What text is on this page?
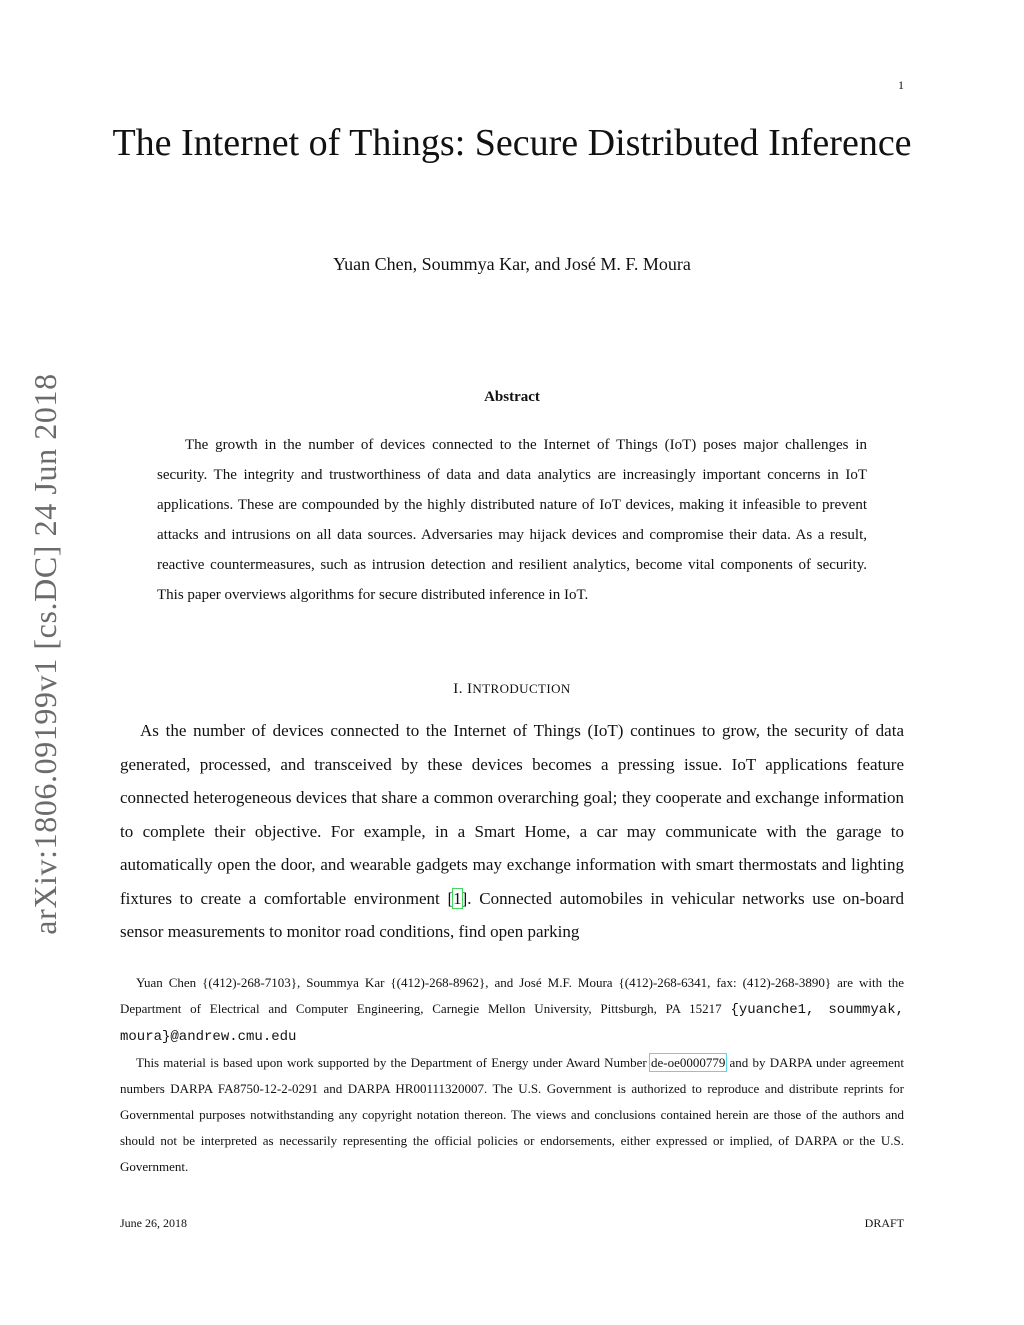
1
The Internet of Things: Secure Distributed Inference
Yuan Chen, Soummya Kar, and José M. F. Moura
arXiv:1806.09199v1 [cs.DC] 24 Jun 2018	Abstract

The growth in the number of devices connected to the Internet of Things (IoT) poses major challenges in security. The integrity and trustworthiness of data and data analytics are increasingly important concerns in IoT applications. These are compounded by the highly distributed nature of IoT devices, making it infeasible to prevent attacks and intrusions on all data sources. Adversaries may hijack devices and compromise their data. As a result, reactive countermeasures, such as intrusion detection and resilient analytics, become vital components of security. This paper overviews algorithms for secure distributed inference in IoT.

I. INTRODUCTION

As the number of devices connected to the Internet of Things (IoT) continues to grow, the security of data generated, processed, and transceived by these devices becomes a pressing issue. IoT applications feature connected heterogeneous devices that share a common overarching goal; they cooperate and exchange information to complete their objective. For example, in a Smart Home, a car may communicate with the garage to automatically open the door, and wearable gadgets may exchange information with smart thermostats and lighting fixtures to create a comfortable environment [1]. Connected automobiles in vehicular networks use on-board sensor measurements to monitor road conditions, find open parking

Yuan Chen {(412)-268-7103}, Soummya Kar {(412)-268-8962}, and José M.F. Moura {(412)-268-6341, fax: (412)-268-3890} are with the Department of Electrical and Computer Engineering, Carnegie Mellon University, Pittsburgh, PA 15217 {yuanche1, soummyak, moura}@andrew.cmu.edu

This material is based upon work supported by the Department of Energy under Award Number de-oe0000779 and by DARPA under agreement numbers DARPA FA8750-12-2-0291 and DARPA HR00111320007. The U.S. Government is authorized to reproduce and distribute reprints for Governmental purposes notwithstanding any copyright notation thereon. The views and conclusions contained herein are those of the authors and should not be interpreted as necessarily representing the official policies or endorsements, either expressed or implied, of DARPA or the U.S. Government.

June 26, 2018	DRAFT
